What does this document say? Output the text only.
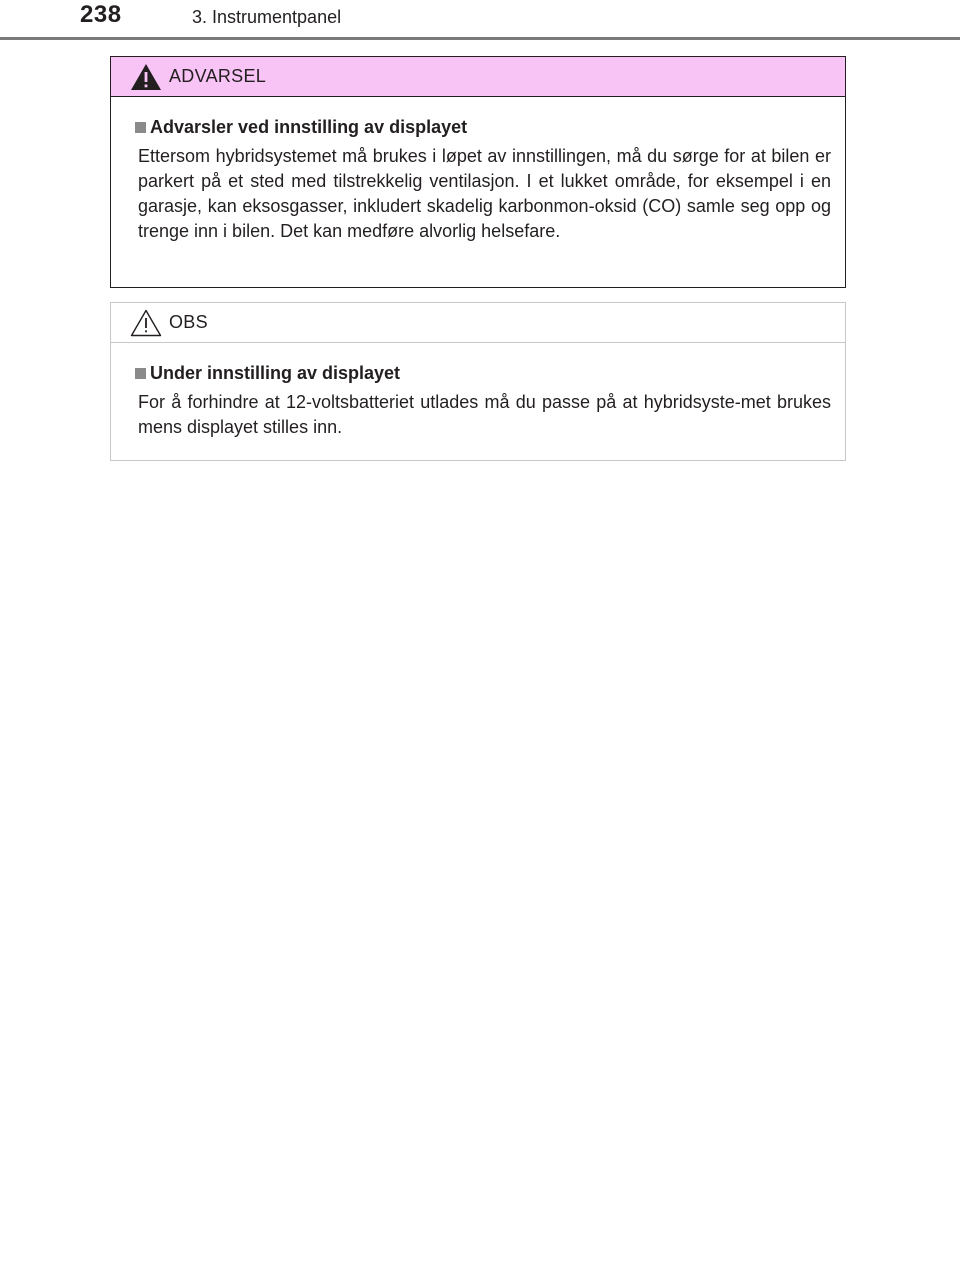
238	3. Instrumentpanel
ADVARSEL
Advarsler ved innstilling av displayet

Ettersom hybridsystemet må brukes i løpet av innstillingen, må du sørge for at bilen er parkert på et sted med tilstrekkelig ventilasjon. I et lukket område, for eksempel i en garasje, kan eksosgasser, inkludert skadelig karbonmon-oksid (CO) samle seg opp og trenge inn i bilen. Det kan medføre alvorlig helsefare.

OBS
Under innstilling av displayet

For å forhindre at 12-voltsbatteriet utlades må du passe på at hybridsyste-met brukes mens displayet stilles inn.
